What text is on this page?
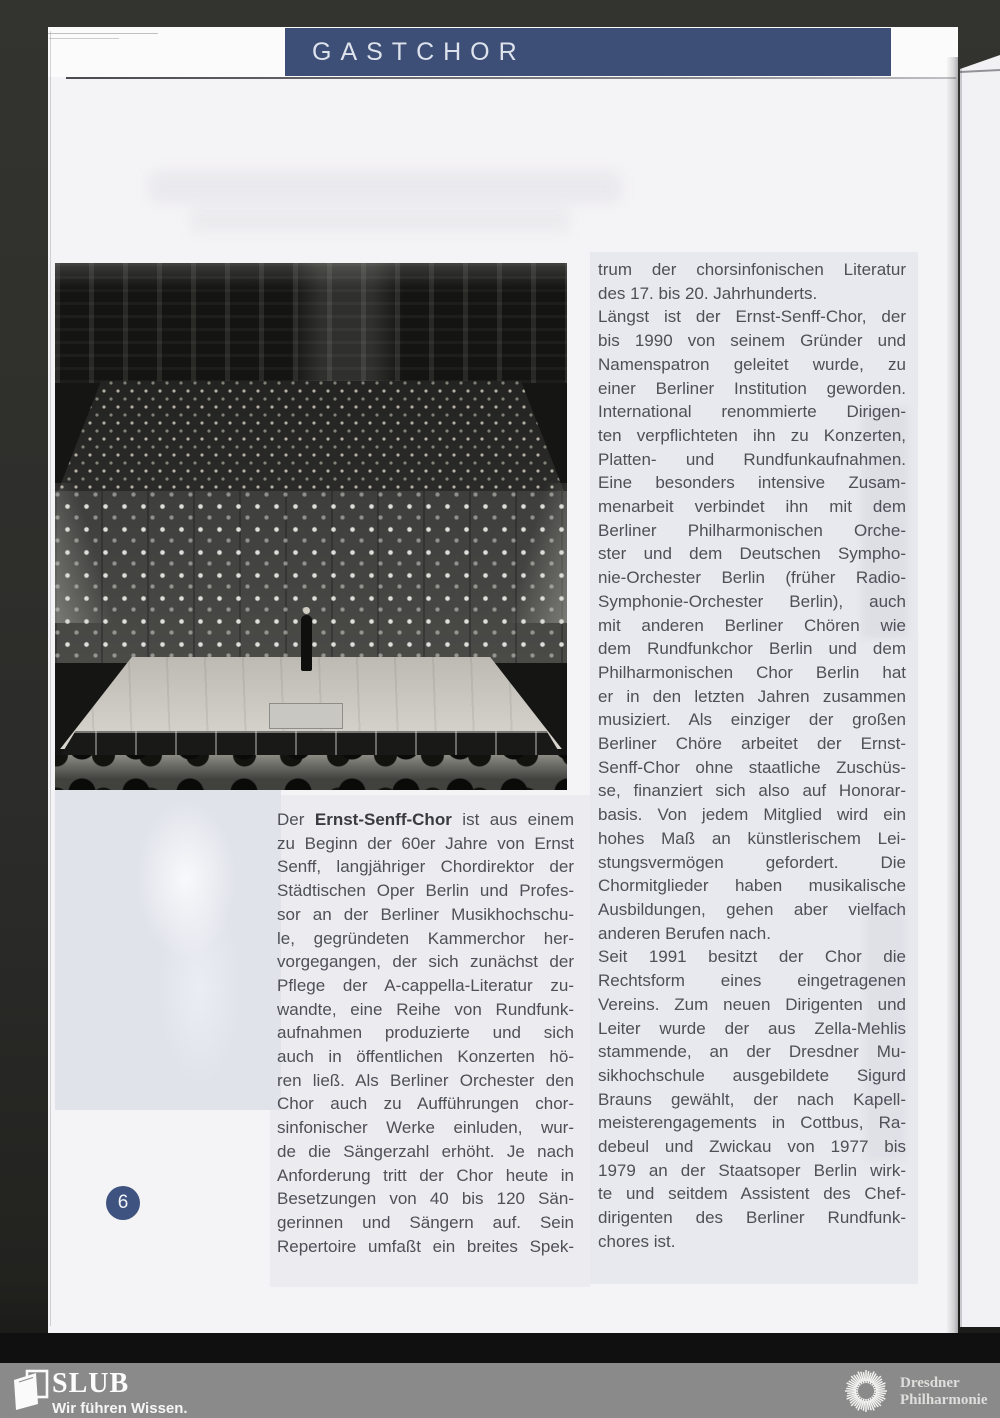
GASTCHOR
Der Ernst-Senff-Chor ist aus einem
zu Beginn der 60er Jahre von Ernst
Senff, langjähriger Chordirektor der
Städtischen Oper Berlin und Profes-
sor an der Berliner Musikhochschu-
le, gegründeten Kammerchor her-
vorgegangen, der sich zunächst der
Pflege der A-cappella-Literatur zu-
wandte, eine Reihe von Rundfunk-
aufnahmen produzierte und sich
auch in öffentlichen Konzerten hö-
ren ließ. Als Berliner Orchester den
Chor auch zu Aufführungen chor-
sinfonischer Werke einluden, wur-
de die Sängerzahl erhöht. Je nach
Anforderung tritt der Chor heute in
Besetzungen von 40 bis 120 Sän-
gerinnen und Sängern auf. Sein
Repertoire umfaßt ein breites Spek-
trum der chorsinfonischen Literatur
des 17. bis 20. Jahrhunderts.
Längst ist der Ernst-Senff-Chor, der
bis 1990 von seinem Gründer und
Namenspatron geleitet wurde, zu
einer Berliner Institution geworden.
International renommierte Dirigen-
ten verpflichteten ihn zu Konzerten,
Platten- und Rundfunkaufnahmen.
Eine besonders intensive Zusam-
menarbeit verbindet ihn mit dem
Berliner Philharmonischen Orche-
ster und dem Deutschen Sympho-
nie-Orchester Berlin (früher Radio-
Symphonie-Orchester Berlin), auch
mit anderen Berliner Chören wie
dem Rundfunkchor Berlin und dem
Philharmonischen Chor Berlin hat
er in den letzten Jahren zusammen
musiziert. Als einziger der großen
Berliner Chöre arbeitet der Ernst-
Senff-Chor ohne staatliche Zuschüs-
se, finanziert sich also auf Honorar-
basis. Von jedem Mitglied wird ein
hohes Maß an künstlerischem Lei-
stungsvermögen gefordert. Die
Chormitglieder haben musikalische
Ausbildungen, gehen aber vielfach
anderen Berufen nach.
Seit 1991 besitzt der Chor die
Rechtsform eines eingetragenen
Vereins. Zum neuen Dirigenten und
Leiter wurde der aus Zella-Mehlis
stammende, an der Dresdner Mu-
sikhochschule ausgebildete Sigurd
Brauns gewählt, der nach Kapell-
meisterengagements in Cottbus, Ra-
debeul und Zwickau von 1977 bis
1979 an der Staatsoper Berlin wirk-
te und seitdem Assistent des Chef-
dirigenten des Berliner Rundfunk-
chores ist.
6
SLUB
Wir führen Wissen.
Dresdner
Philharmonie
